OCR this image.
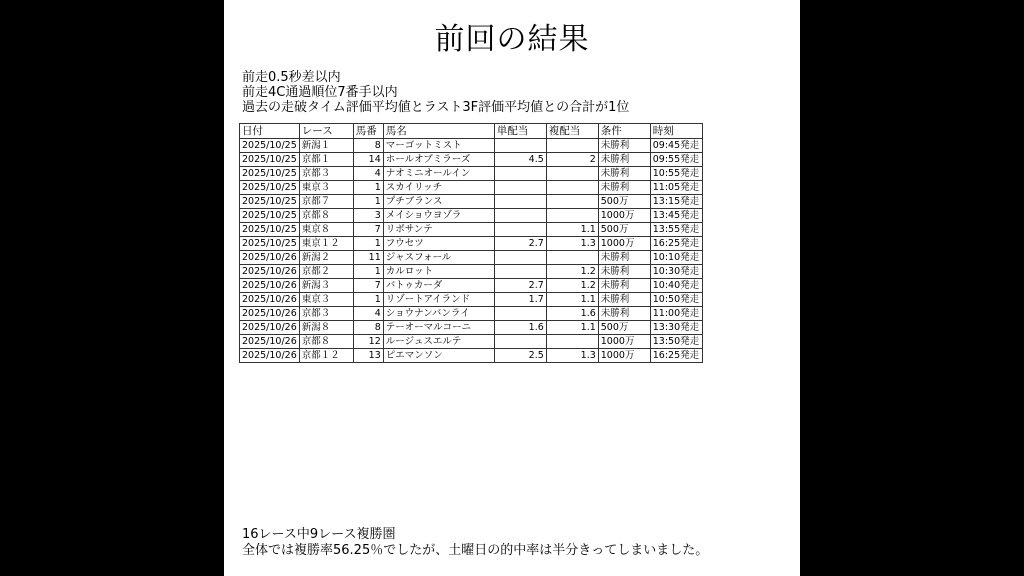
前回の結果
前走0.5秒差以内
前走4C通過順位7番手以内
過去の走破タイム評価平均値とラスト3F評価平均値との合計が1位
日付	レース	馬番	馬名	単配当	複配当	条件	時刻
2025/10/25	新潟１	8	マーゴットミスト			未勝利	09:45発走
2025/10/25	京都１	14	ホールオブミラーズ	4.5	2	未勝利	09:55発走
2025/10/25	京都３	4	ナオミニオールイン			未勝利	10:55発走
2025/10/25	東京３	1	スカイリッチ			未勝利	11:05発走
2025/10/25	京都７	1	プチブランス			500万	13:15発走
2025/10/25	京都８	3	メイショウヨゾラ			1000万	13:45発走
2025/10/25	東京８	7	リボサンテ		1.1	500万	13:55発走
2025/10/25	東京１２	1	フウセツ	2.7	1.3	1000万	16:25発走
2025/10/26	新潟２	11	ジャスフォール			未勝利	10:10発走
2025/10/26	京都２	1	カルロット		1.2	未勝利	10:30発走
2025/10/26	新潟３	7	バトゥカーダ	2.7	1.2	未勝利	10:40発走
2025/10/26	東京３	1	リゾートアイランド	1.7	1.1	未勝利	10:50発走
2025/10/26	京都３	4	ショウナンバンライ		1.6	未勝利	11:00発走
2025/10/26	新潟８	8	テーオーマルコーニ	1.6	1.1	500万	13:30発走
2025/10/26	京都８	12	ルージュスエルテ			1000万	13:50発走
2025/10/26	京都１２	13	ピエマンソン	2.5	1.3	1000万	16:25発走
16レース中9レース複勝圏
全体では複勝率56.25％でしたが、土曜日の的中率は半分きってしまいました。
